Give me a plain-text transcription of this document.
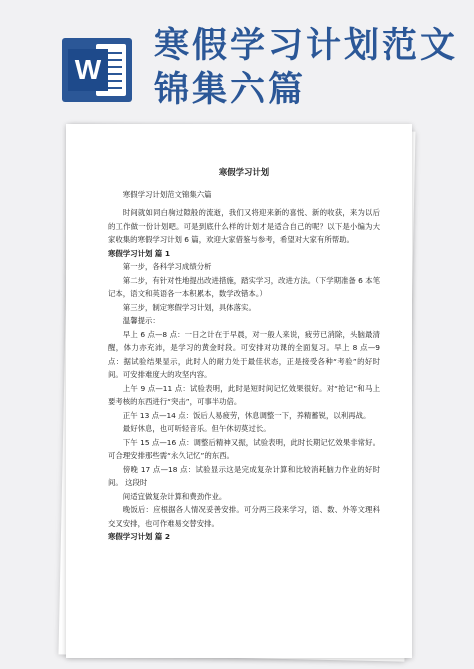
W
寒假学习计划范文
锦集六篇
寒假学习计划

寒假学习计划范文锦集六篇

时间就如同白驹过隙般的流逝，我们又将迎来新的喜悦、新的收获，来为以后的工作做一份计划吧。可是到底什么样的计划才是适合自己的呢？以下是小编为大家收集的寒假学习计划 6 篇，欢迎大家借鉴与参考，希望对大家有所帮助。

寒假学习计划 篇 1

第一步，各科学习成绩分析

第二步，有针对性地提出改进措施，踏实学习，改进方法。（下学期准备 6 本笔记本，语文和英语各一本积累本，数学改错本。）

第三步，制定寒假学习计划，具体落实。

温馨提示：

早上 6 点—8 点：一日之计在于早晨，对一般人来说，疲劳已消除，头脑最清醒，体力亦充沛，是学习的黄金时段。可安排对功课的全面复习。早上 8 点—9 点：据试验结果显示，此时人的耐力处于最佳状态，正是接受各种“考验”的好时间。可安排难度大的攻坚内容。

上午 9 点—11 点：试验表明，此时是短时间记忆效果很好。对“抢记”和马上要考核的东西进行“突击”，可事半功倍。

正午 13 点—14 点：饭后人易疲劳，休息调整一下，养精蓄锐，以利再战。

最好休息，也可听轻音乐。但午休切莫过长。

下午 15 点—16 点：调整后精神又振，试验表明，此时长期记忆效果非常好。可合理安排那些需“永久记忆”的东西。

傍晚 17 点—18 点：试验显示这是完成复杂计算和比较消耗脑力作业的好时间。 这段时

间适宜做复杂计算和费劲作业。

晚饭后：应根据各人情况妥善安排。可分两三段来学习，语、数、外等文理科交叉安排，也可作难易交替安排。

寒假学习计划 篇 2
